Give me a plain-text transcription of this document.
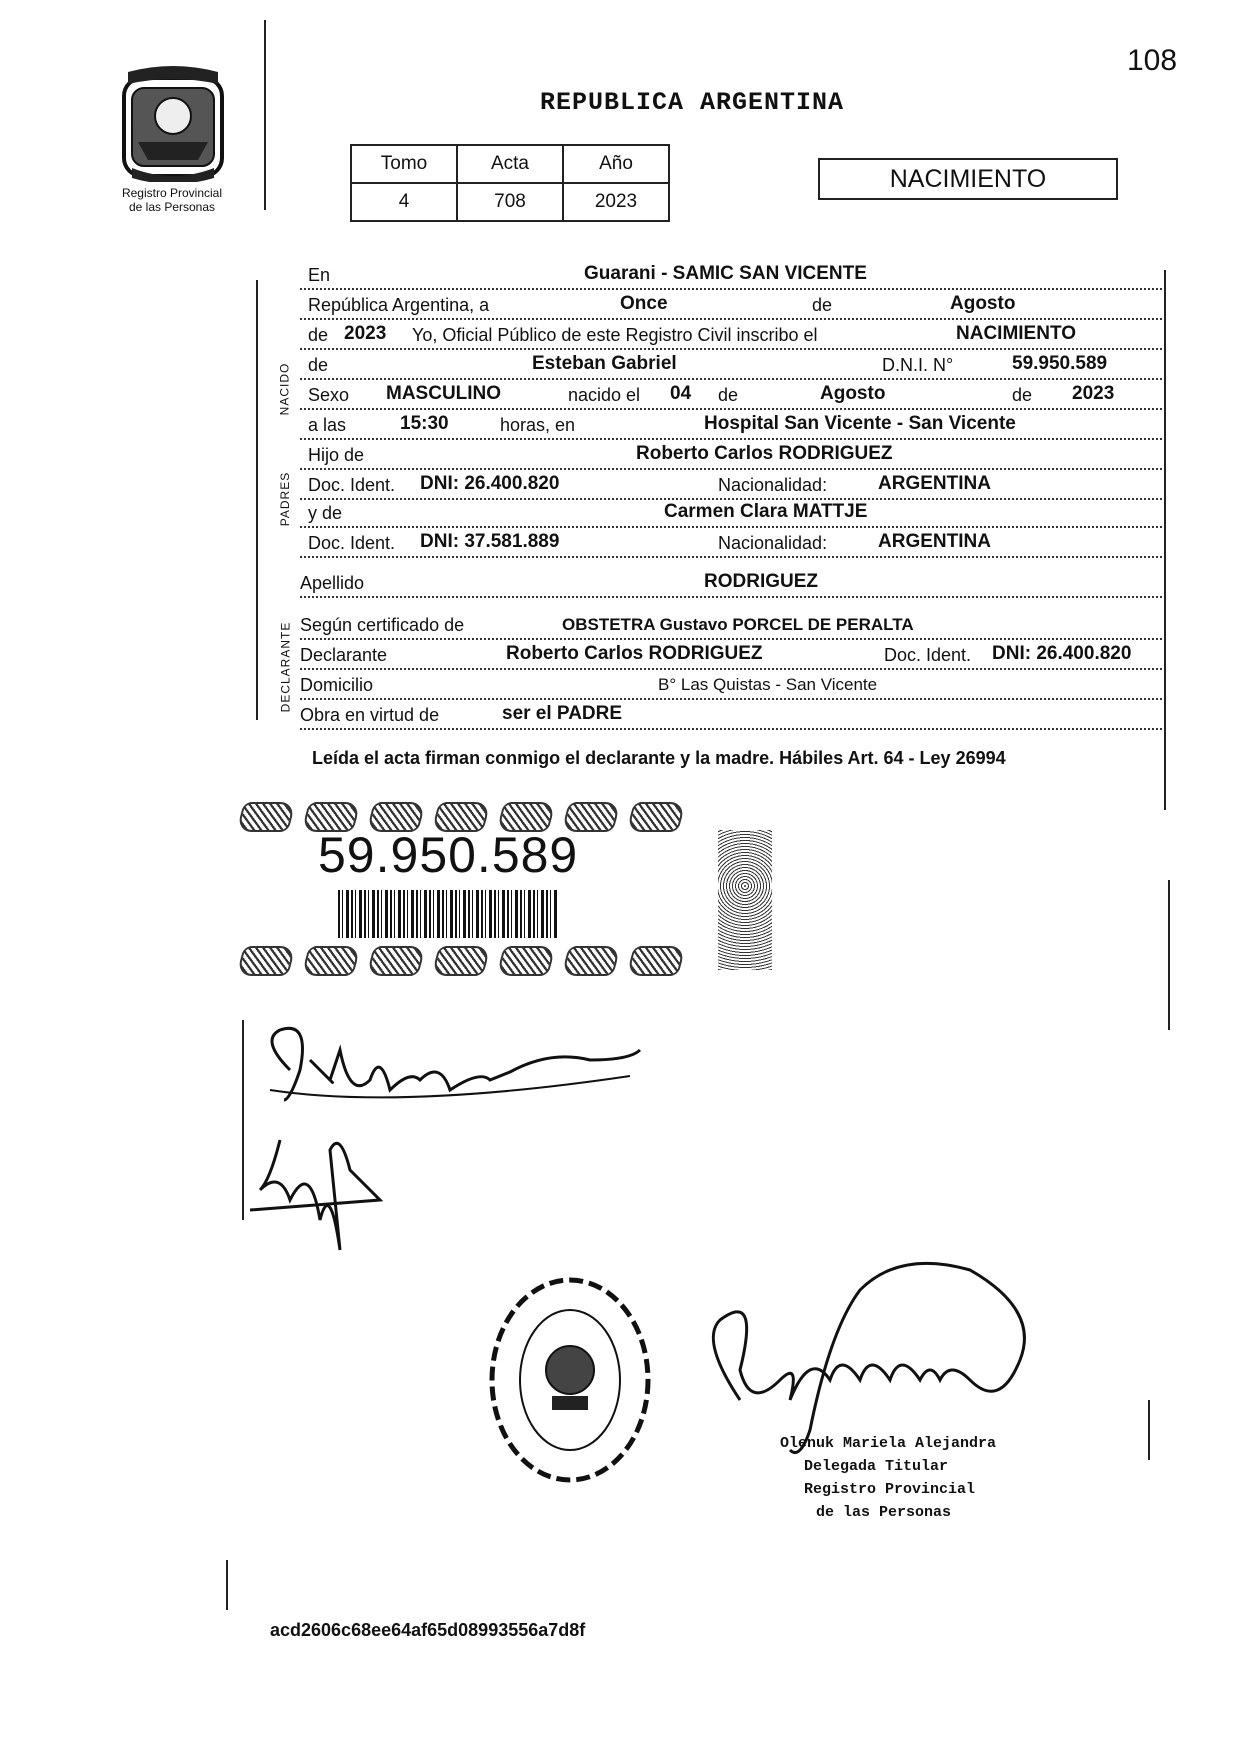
108
Registro Provincial
de las Personas
REPUBLICA ARGENTINA
Tomo	Acta	Año
4	708	2023
NACIMIENTO
NACIDO
PADRES
DECLARANTE
En	Guarani - SAMIC SAN VICENTE
República Argentina, a	Once	de	Agosto
de 2023 Yo, Oficial Público de este Registro Civil inscribo el	NACIMIENTO
de	Esteban Gabriel	D.N.I. N°	59.950.589
Sexo MASCULINO	nacido el 04 de	Agosto	de 2023
a las	15:30	horas, en	Hospital San Vicente - San Vicente
Hijo de	Roberto Carlos RODRIGUEZ
Doc. Ident. DNI: 26.400.820	Nacionalidad:	ARGENTINA
y de	Carmen Clara MATTJE
Doc. Ident. DNI: 37.581.889	Nacionalidad:	ARGENTINA
Apellido	RODRIGUEZ
Según certificado de	OBSTETRA Gustavo PORCEL DE PERALTA
Declarante	Roberto Carlos RODRIGUEZ	Doc. Ident. DNI: 26.400.820
Domicilio	B° Las Quistas - San Vicente
Obra en virtud de	ser el PADRE
Leída el acta firman conmigo el declarante y la madre. Hábiles Art. 64 - Ley 26994
59.950.589
Olenuk Mariela Alejandra
Delegada Titular
Registro Provincial
de las Personas
acd2606c68ee64af65d08993556a7d8f
